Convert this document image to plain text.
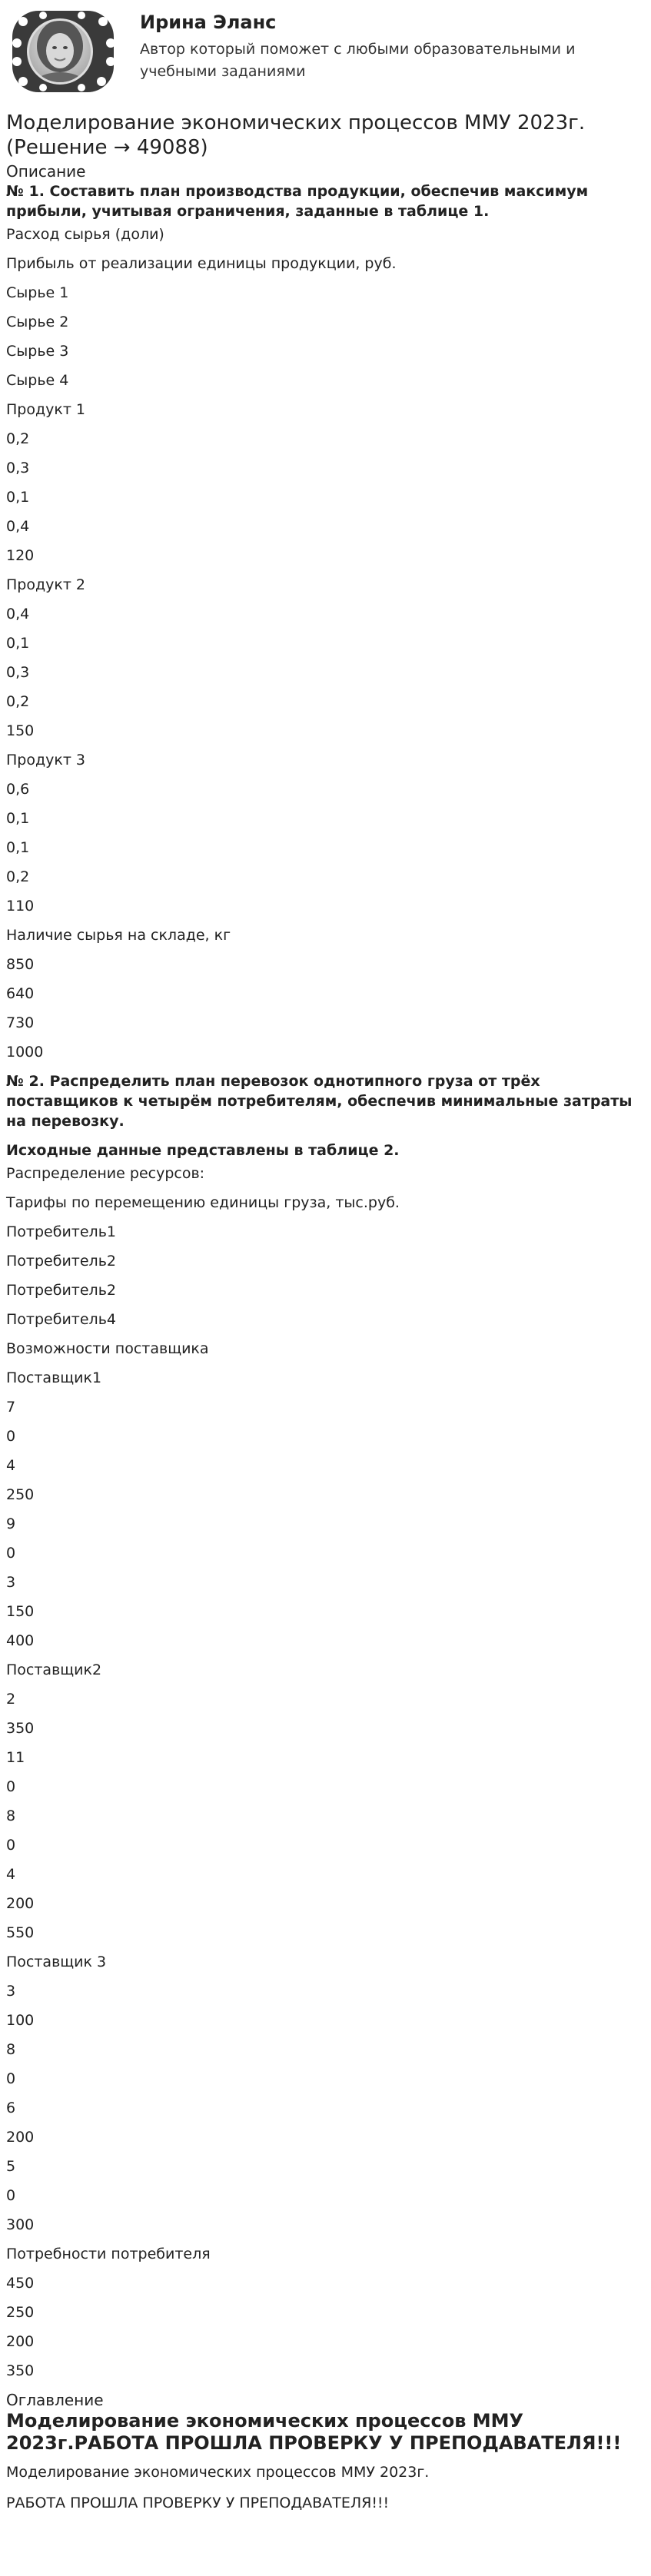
Ирина Эланс
Автор который поможет с любыми образовательными и учебными заданиями
Моделирование экономических процессов ММУ 2023г. (Решение → 49088)
Описание

№ 1. Составить план производства продукции, обеспечив максимум прибыли, учитывая ограничения, заданные в таблице 1.

Расход сырья (доли)
Прибыль от реализации единицы продукции, руб.
Сырье 1
Сырье 2
Сырье 3
Сырье 4
Продукт 1
0,2
0,3
0,1
0,4
120
Продукт 2
0,4
0,1
0,3
0,2
150
Продукт 3
0,6
0,1
0,1
0,2
110
Наличие сырья на складе, кг
850
640
730
1000

№ 2. Распределить план перевозок однотипного груза от трёх поставщиков к четырём потребителям, обеспечив минимальные затраты на перевозку.

Исходные данные представлены в таблице 2.

Распределение ресурсов:
Тарифы по перемещению единицы груза, тыс.руб.
Потребитель1
Потребитель2
Потребитель2
Потребитель4
Возможности поставщика
Поставщик1
7
0
4
250
9
0
3
150
400
Поставщик2
2
350
11
0
8
0
4
200
550
Поставщик 3
3
100
8
0
6
200
5
0
300
Потребности потребителя
450
250
200
350
Оглавление
Моделирование экономических процессов ММУ 2023г.РАБОТА ПРОШЛА ПРОВЕРКУ У ПРЕПОДАВАТЕЛЯ!!!
Моделирование экономических процессов ММУ 2023г.
РАБОТА ПРОШЛА ПРОВЕРКУ У ПРЕПОДАВАТЕЛЯ!!!
